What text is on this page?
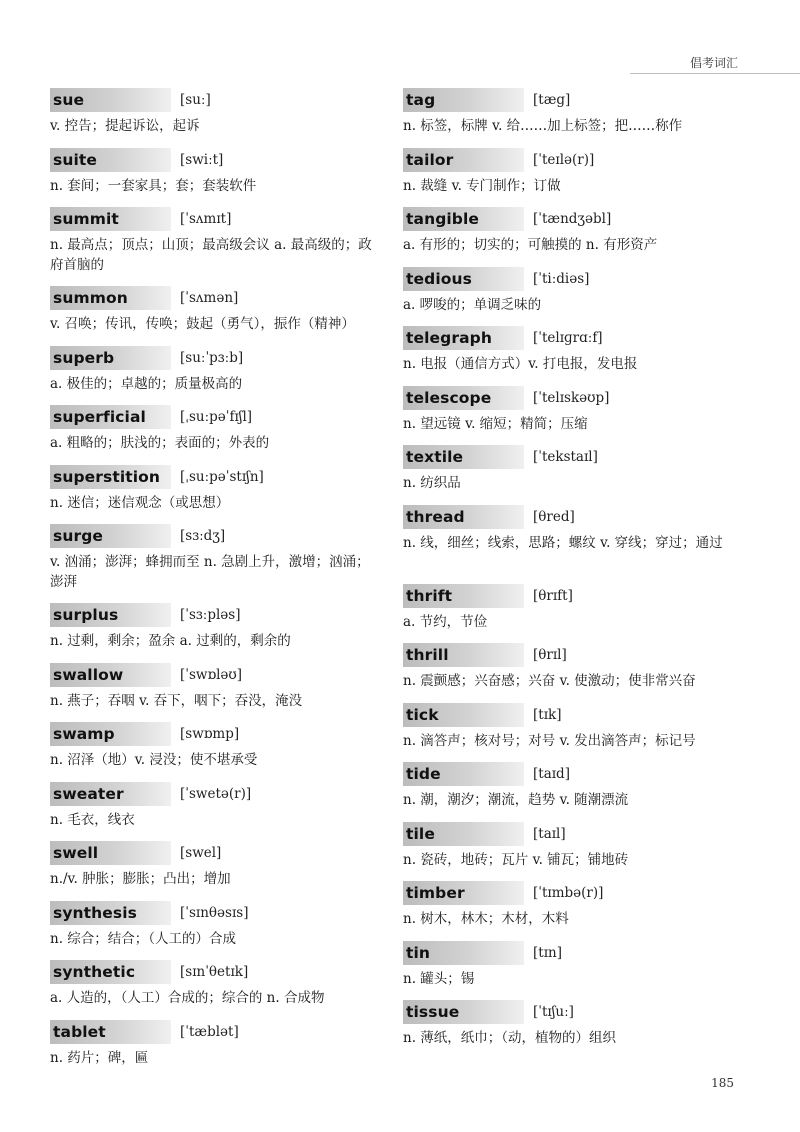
倡考词汇
sue	[suː]
v. 控告；提起诉讼，起诉
suite	[swiːt]
n. 套间；一套家具；套；套装软件
summit	[ˈsʌmɪt]
n. 最高点；顶点；山顶；最高级会议 a. 最高级的；政府首脑的
summon	[ˈsʌmən]
v. 召唤；传讯，传唤；鼓起（勇气），振作（精神）
superb	[suːˈpɜːb]
a. 极佳的；卓越的；质量极高的
superficial	[ˌsuːpəˈfɪʃl]
a. 粗略的；肤浅的；表面的；外表的
superstition [ˌsuːpəˈstɪʃn]
n. 迷信；迷信观念（或思想）
surge	[sɜːdʒ]
v. 汹涌；澎湃；蜂拥而至 n. 急剧上升，激增；汹涌；澎湃
surplus	[ˈsɜːpləs]
n. 过剩，剩余；盈余 a. 过剩的，剩余的
swallow	[ˈswɒləʊ]
n. 燕子；吞咽 v. 吞下，咽下；吞没，淹没
swamp	[swɒmp]
n. 沼泽（地）v. 浸没；使不堪承受
sweater	[ˈswetə(r)]
n. 毛衣，线衣
swell	[swel]
n./v. 肿胀；膨胀；凸出；增加
synthesis	[ˈsɪnθəsɪs]
n. 综合；结合；（人工的）合成
synthetic	[sɪnˈθetɪk]
a. 人造的，（人工）合成的；综合的 n. 合成物
tablet	[ˈtæblət]
n. 药片；碑，匾
tag	[tæg]
n. 标签，标牌 v. 给……加上标签；把……称作
tailor	[ˈteɪlə(r)]
n. 裁缝 v. 专门制作；订做
tangible	[ˈtændʒəbl]
a. 有形的；切实的；可触摸的 n. 有形资产
tedious	[ˈtiːdiəs]
a. 啰唆的；单调乏味的
telegraph	[ˈtelɪɡrɑːf]
n. 电报（通信方式）v. 打电报，发电报
telescope	[ˈtelɪskəʊp]
n. 望远镜 v. 缩短；精简；压缩
textile	[ˈtekstaɪl]
n. 纺织品
thread	[θred]
n. 线，细丝；线索，思路；螺纹 v. 穿线；穿过；通过
thrift	[θrɪft]
a. 节约，节俭
thrill	[θrɪl]
n. 震颤感；兴奋感；兴奋 v. 使激动；使非常兴奋
tick	[tɪk]
n. 滴答声；核对号；对号 v. 发出滴答声；标记号
tide	[taɪd]
n. 潮，潮汐；潮流，趋势 v. 随潮漂流
tile	[taɪl]
n. 瓷砖，地砖；瓦片 v. 铺瓦；铺地砖
timber	[ˈtɪmbə(r)]
n. 树木，林木；木材，木料
tin	[tɪn]
n. 罐头；锡
tissue	[ˈtɪʃuː]
n. 薄纸，纸巾；（动，植物的）组织
185
